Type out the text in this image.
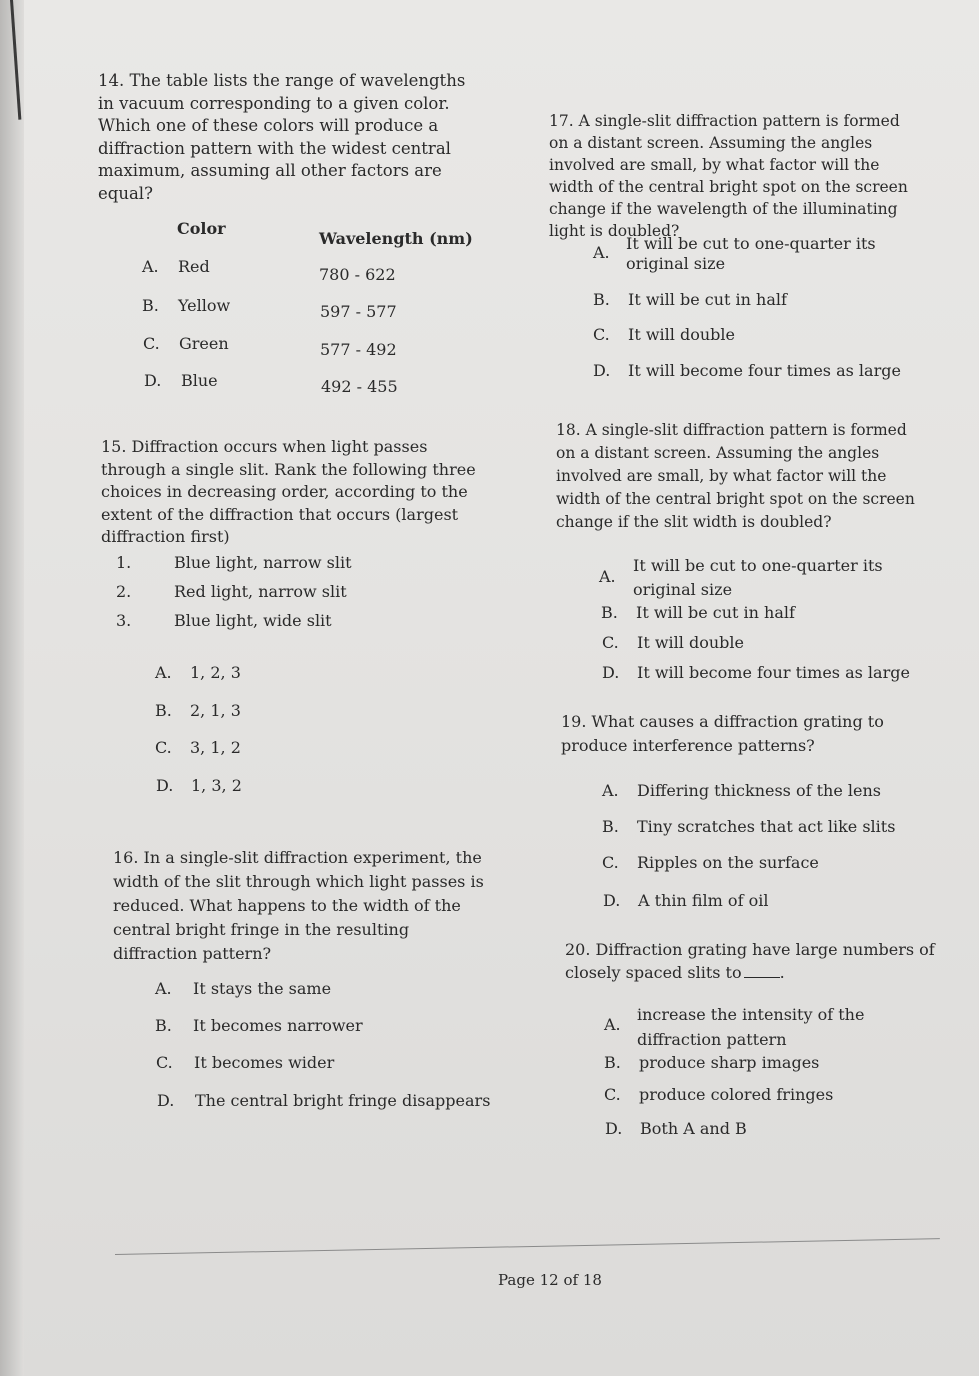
14. The table lists the range of wavelengths in vacuum corresponding to a given color. Which one of these colors will produce a diffraction pattern with the widest central maximum, assuming all other factors are equal?
Color
Wavelength (nm)
A. Red	780 - 622
B. Yellow	597 - 577
C. Green	577 - 492
D. Blue	492 - 455
15. Diffraction occurs when light passes through a single slit. Rank the following three choices in decreasing order, according to the extent of the diffraction that occurs (largest diffraction first)
1.	Blue light, narrow slit
2.	Red light, narrow slit
3.	Blue light, wide slit
A. 1, 2, 3
B. 2, 1, 3
C. 3, 1, 2
D. 1, 3, 2
16. In a single-slit diffraction experiment, the width of the slit through which light passes is reduced. What happens to the width of the central bright fringe in the resulting diffraction pattern?
A. It stays the same
B. It becomes narrower
C. It becomes wider
D. The central bright fringe disappears
17. A single-slit diffraction pattern is formed on a distant screen. Assuming the angles involved are small, by what factor will the width of the central bright spot on the screen change if the wavelength of the illuminating light is doubled?
A. It will be cut to one-quarter its original size
B. It will be cut in half
C. It will double
D. It will become four times as large
18. A single-slit diffraction pattern is formed on a distant screen. Assuming the angles involved are small, by what factor will the width of the central bright spot on the screen change if the slit width is doubled?
A.
It will be cut to one-quarter its original size
B. It will be cut in half
C. It will double
D. It will become four times as large
19. What causes a diffraction grating to produce interference patterns?
A. Differing thickness of the lens
B. Tiny scratches that act like slits
C. Ripples on the surface
D. A thin film of oil
20. Diffraction grating have large numbers of
closely spaced slits to .
A.
increase the intensity of the diffraction pattern
B. produce sharp images
C. produce colored fringes
D. Both A and B
Page 12 of 18
